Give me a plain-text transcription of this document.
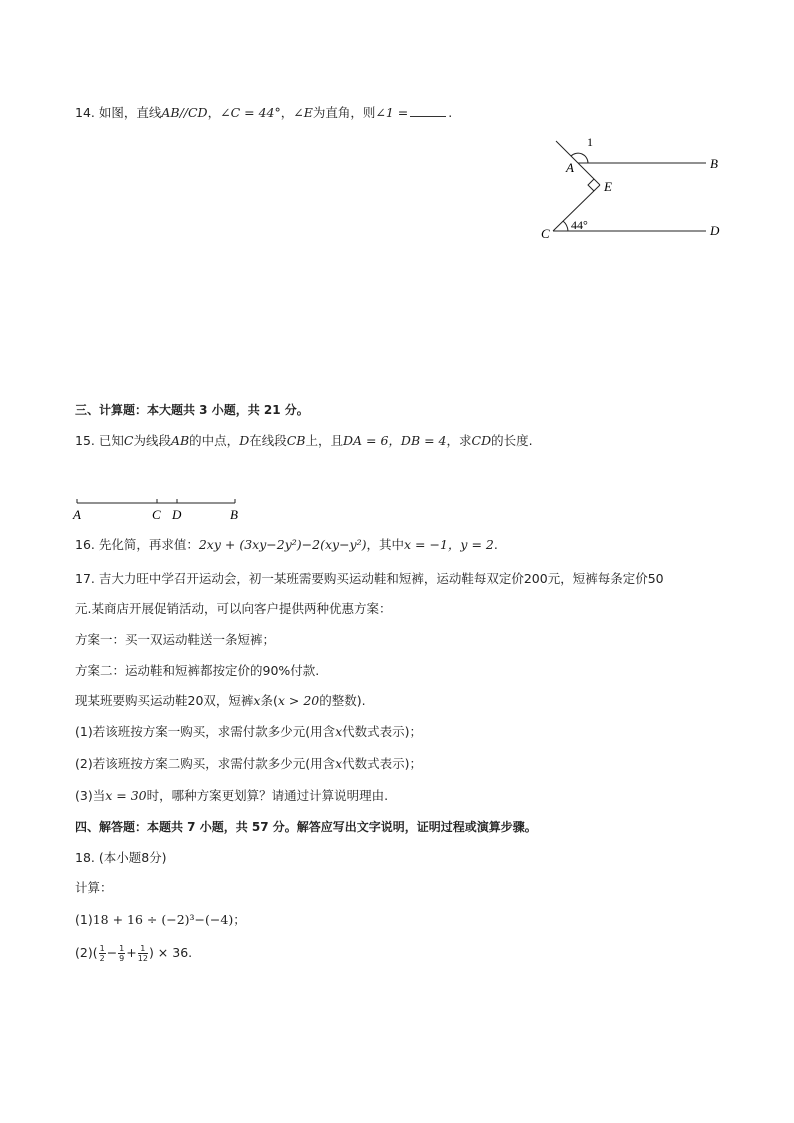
14. 如图，直线AB//CD，∠C = 44°，∠E为直角，则∠1 =	.
1
A	B
E
C	D
44°
三、计算题：本大题共 3 小题，共 21 分。
15. 已知C为线段AB的中点，D在线段CB上，且DA = 6，DB = 4，求CD的长度.
A	C D	B
16. 先化简，再求值：2xy + (3xy−2y²)−2(xy−y²)，其中x = −1，y = 2.
17. 吉大力旺中学召开运动会，初一某班需要购买运动鞋和短裤，运动鞋每双定价200元，短裤每条定价50
元.某商店开展促销活动，可以向客户提供两种优惠方案：
方案一：买一双运动鞋送一条短裤；
方案二：运动鞋和短裤都按定价的90%付款.
现某班要购买运动鞋20双，短裤x条(x > 20的整数).
(1)若该班按方案一购买，求需付款多少元(用含x代数式表示)；
(2)若该班按方案二购买，求需付款多少元(用含x代数式表示)；
(3)当x = 30时，哪种方案更划算？请通过计算说明理由.
四、解答题：本题共 7 小题，共 57 分。解答应写出文字说明，证明过程或演算步骤。
18. (本小题8分)
计算：
(1)18 + 16 ÷ (−2)³−(−4)；
$(2)( \frac{1}{2} - \frac{1}{9} + \frac{1}{12}$ ) × 36.
